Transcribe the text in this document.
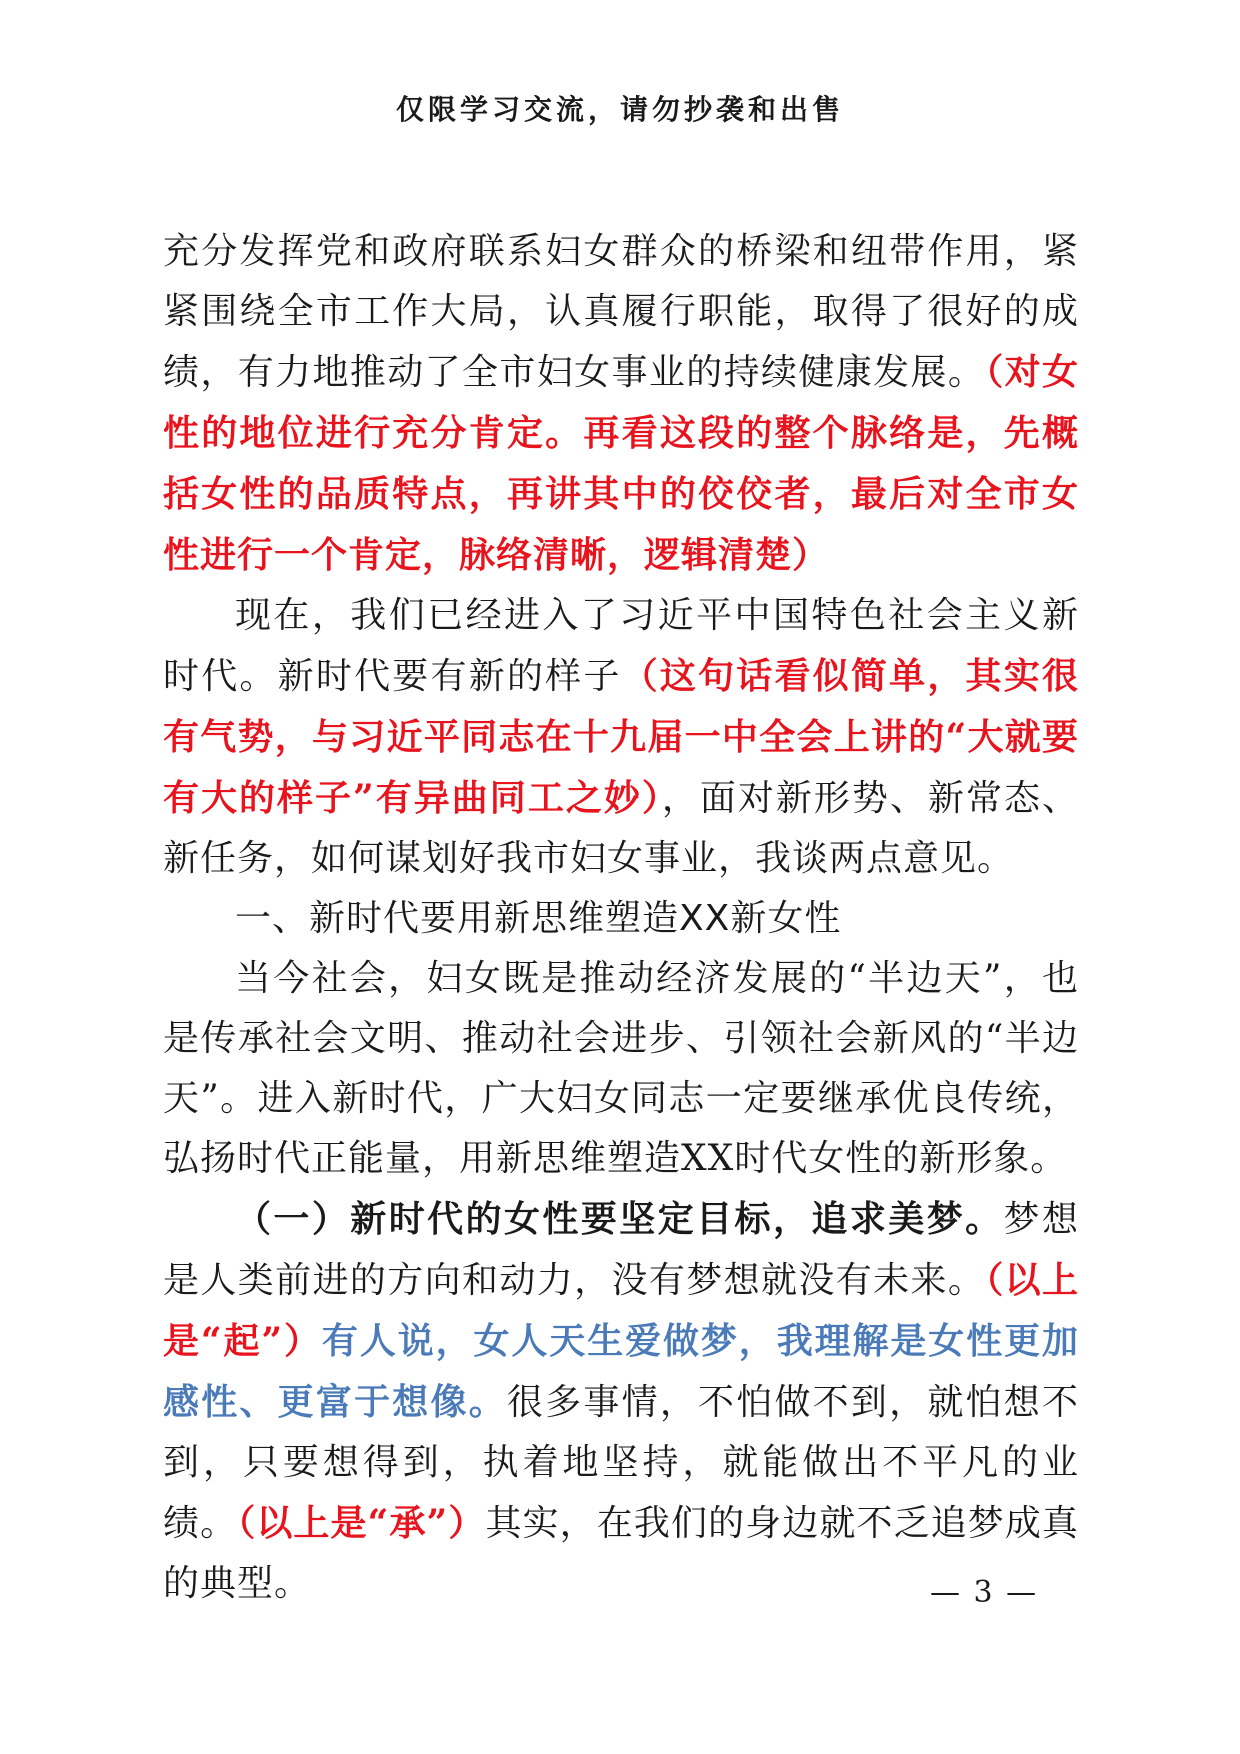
仅限学习交流，请勿抄袭和出售

充分发挥党和政府联系妇女群众的桥梁和纽带作用，紧紧围绕全市工作大局，认真履行职能，取得了很好的成绩，有力地推动了全市妇女事业的持续健康发展。（对女性的地位进行充分肯定。再看这段的整个脉络是，先概括女性的品质特点，再讲其中的佼佼者，最后对全市女性进行一个肯定，脉络清晰，逻辑清楚）

现在，我们已经进入了习近平中国特色社会主义新时代。新时代要有新的样子（这句话看似简单，其实很有气势，与习近平同志在十九届一中全会上讲的“大就要有大的样子”有异曲同工之妙），面对新形势、新常态、新任务，如何谋划好我市妇女事业，我谈两点意见。

一、新时代要用新思维塑造XX新女性

当今社会，妇女既是推动经济发展的“半边天”，也是传承社会文明、推动社会进步、引领社会新风的“半边天”。进入新时代，广大妇女同志一定要继承优良传统，弘扬时代正能量，用新思维塑造XX时代女性的新形象。

（一）新时代的女性要坚定目标，追求美梦。梦想是人类前进的方向和动力，没有梦想就没有未来。（以上是“起”）有人说，女人天生爱做梦，我理解是女性更加感性、更富于想像。很多事情，不怕做不到，就怕想不到，只要想得到，执着地坚持，就能做出不平凡的业绩。（以上是“承”）其实，在我们的身边就不乏追梦成真的典型。	— 3 —
